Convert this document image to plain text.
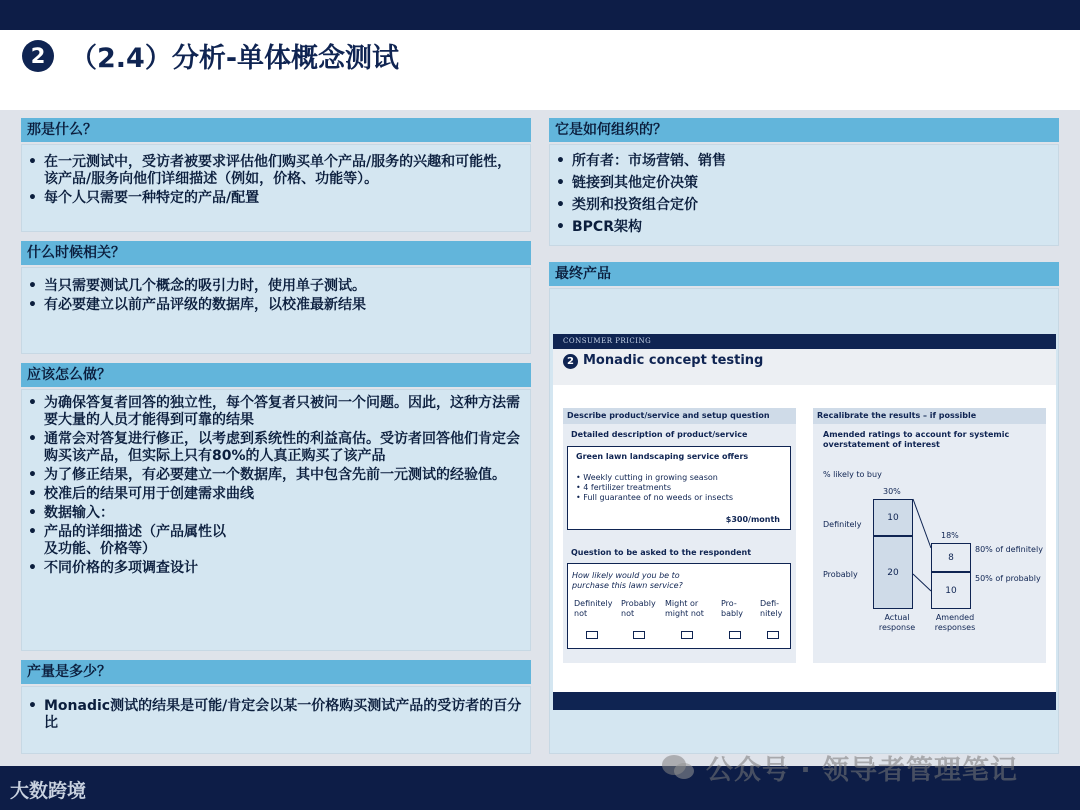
2 （2.4）分析-单体概念测试
那是什么？
• 在一元测试中，受访者被要求评估他们购买单个产品/服务的兴趣和可能性，该产品/服务向他们详细描述（例如，价格、功能等）。
• 每个人只需要一种特定的产品/配置
什么时候相关？
• 当只需要测试几个概念的吸引力时，使用单子测试。
• 有必要建立以前产品评级的数据库，以校准最新结果
应该怎么做？
• 为确保答复者回答的独立性，每个答复者只被问一个问题。因此，这种方法需要大量的人员才能得到可靠的结果
• 通常会对答复进行修正，以考虑到系统性的利益高估。受访者回答他们肯定会购买该产品，但实际上只有80%的人真正购买了该产品
• 为了修正结果，有必要建立一个数据库，其中包含先前一元测试的经验值。
• 校准后的结果可用于创建需求曲线
• 数据输入：
• 产品的详细描述（产品属性以及功能、价格等）
• 不同价格的多项调查设计
产量是多少？
• Monadic测试的结果是可能/肯定会以某一价格购买测试产品的受访者的百分比
它是如何组织的？
• 所有者：市场营销、销售
• 链接到其他定价决策
• 类别和投资组合定价
• BPCR架构
最终产品
CONSUMER PRICING
2 Monadic concept testing
Describe product/service and setup question
Detailed description of product/service
Green lawn landscaping service offers
• Weekly cutting in growing season
• 4 fertilizer treatments
• Full guarantee of no weeds or insects
$300/month
Question to be asked to the respondent
How likely would you be to purchase this lawn service?
Definitely
not
Probably
not
Might or
might not
Pro-
bably
Defi-
nitely
Recalibrate the results – if possible
Amended ratings to account for systemic overstatement of interest
% likely to buy
Definitely
Probably	20
10
30%
Actual response
10
8
18%
Amended responses
80% of definitely
50% of probably
大数跨境
公众号 · 领导者管理笔记
